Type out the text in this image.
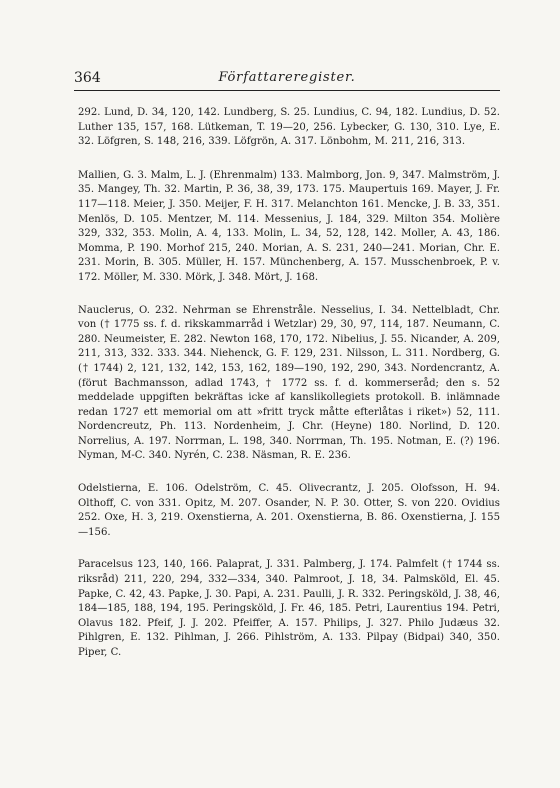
364	Författareregister.

292. Lund, D. 34, 120, 142. Lundberg, S. 25. Lundius, C. 94, 182. Lundius, D. 52. Luther 135, 157, 168. Lütkeman, T. 19—20, 256. Lybecker, G. 130, 310. Lye, E. 32. Löfgren, S. 148, 216, 339. Löfgrön, A. 317. Lönbohm, M. 211, 216, 313.

Mallien, G. 3. Malm, L. J. (Ehrenmalm) 133. Malmborg, Jon. 9, 347. Malmström, J. 35. Mangey, Th. 32. Martin, P. 36, 38, 39, 173. 175. Maupertuis 169. Mayer, J. Fr. 117—118. Meier, J. 350. Meijer, F. H. 317. Melanchton 161. Mencke, J. B. 33, 351. Menlös, D. 105. Mentzer, M. 114. Messenius, J. 184, 329. Milton 354. Molière 329, 332, 353. Molin, A. 4, 133. Molin, L. 34, 52, 128, 142. Moller, A. 43, 186. Momma, P. 190. Morhof 215, 240. Morian, A. S. 231, 240—241. Morian, Chr. E. 231. Morin, B. 305. Müller, H. 157. Münchenberg, A. 157. Musschenbroek, P. v. 172. Möller, M. 330. Mörk, J. 348. Mört, J. 168.

Nauclerus, O. 232. Nehrman se Ehrenstråle. Nesselius, I. 34. Nettelbladt, Chr. von († 1775 ss. f. d. rikskammarråd i Wetzlar) 29, 30, 97, 114, 187. Neumann, C. 280. Neumeister, E. 282. Newton 168, 170, 172. Nibelius, J. 55. Nicander, A. 209, 211, 313, 332. 333. 344. Niehenck, G. F. 129, 231. Nilsson, L. 311. Nordberg, G. († 1744) 2, 121, 132, 142, 153, 162, 189—190, 192, 290, 343. Nordencrantz, A. (förut Bachmansson, adlad 1743, † 1772 ss. f. d. kommerseråd; den s. 52 meddelade uppgiften bekräftas icke af kanslikollegiets protokoll. B. inlämnade redan 1727 ett memorial om att »fritt tryck måtte efterlåtas i riket») 52, 111. Nordencreutz, Ph. 113. Nordenheim, J. Chr. (Heyne) 180. Norlind, D. 120. Norrelius, A. 197. Norrman, L. 198, 340. Norrman, Th. 195. Notman, E. (?) 196. Nyman, M-C. 340. Nyrén, C. 238. Näsman, R. E. 236.

Odelstierna, E. 106. Odelström, C. 45. Olivecrantz, J. 205. Olofsson, H. 94. Olthoff, C. von 331. Opitz, M. 207. Osander, N. P. 30. Otter, S. von 220. Ovidius 252. Oxe, H. 3, 219. Oxenstierna, A. 201. Oxenstierna, B. 86. Oxenstierna, J. 155—156.

Paracelsus 123, 140, 166. Palaprat, J. 331. Palmberg, J. 174. Palmfelt († 1744 ss. riksråd) 211, 220, 294, 332—334, 340. Palmroot, J. 18, 34. Palmsköld, El. 45. Papke, C. 42, 43. Papke, J. 30. Papi, A. 231. Paulli, J. R. 332. Peringsköld, J. 38, 46, 184—185, 188, 194, 195. Peringsköld, J. Fr. 46, 185. Petri, Laurentius 194. Petri, Olavus 182. Pfeif, J. J. 202. Pfeiffer, A. 157. Philips, J. 327. Philo Judæus 32. Pihlgren, E. 132. Pihlman, J. 266. Pihlström, A. 133. Pilpay (Bidpai) 340, 350. Piper, C.
